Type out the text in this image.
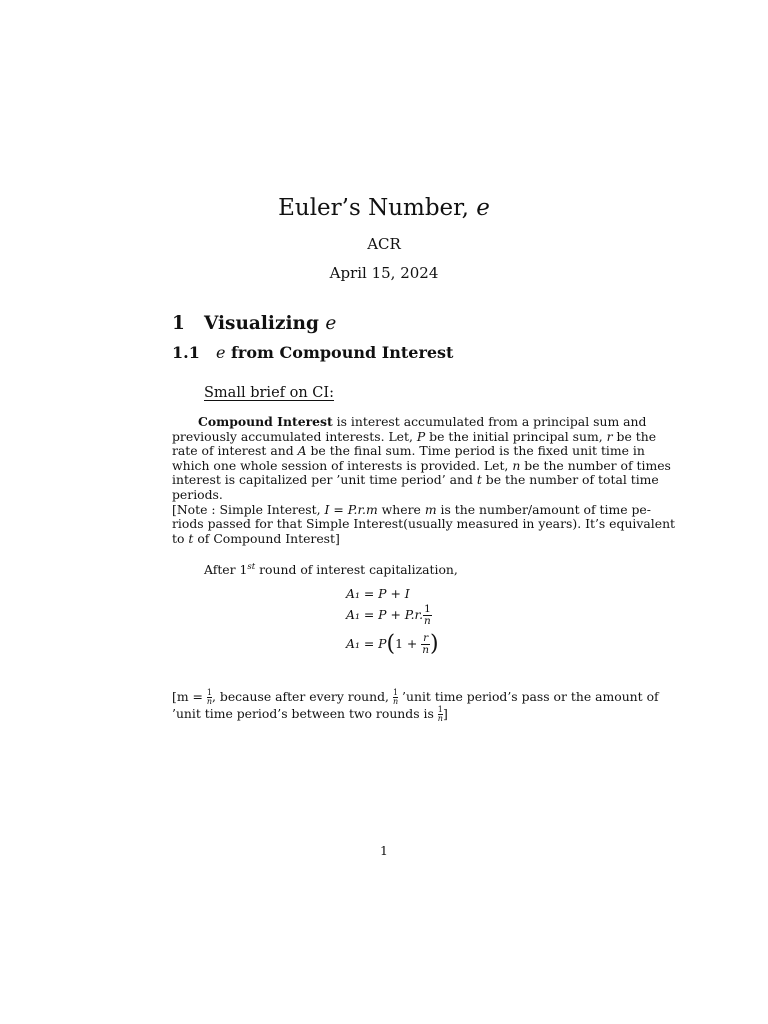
Euler’s Number, e
ACR
April 15, 2024
1 Visualizing e
1.1 e from Compound Interest
Small brief on CI:
Compound Interest is interest accumulated from a principal sum and
previously accumulated interests. Let, P be the initial principal sum, r be the
rate of interest and A be the final sum. Time period is the fixed unit time in
which one whole session of interests is provided. Let, n be the number of times
interest is capitalized per ’unit time period’ and t be the number of total time
periods.
[Note : Simple Interest, I = P.r.m where m is the number/amount of time pe-
riods passed for that Simple Interest(usually measured in years). It’s equivalent
to t of Compound Interest]
After 1st round of interest capitalization,
A₁ = P + I
A₁ = P + P.r. $\frac{1}{n}$
$A_1 = P(1 + \frac{r}{n}$ )
[$m = \frac{1}{n}$ , because after every round, $\frac{1}{n}$ ’unit time period’s pass or the amount of
’unit time period’s between two rounds is $\frac{1}{n}$ ]
1
